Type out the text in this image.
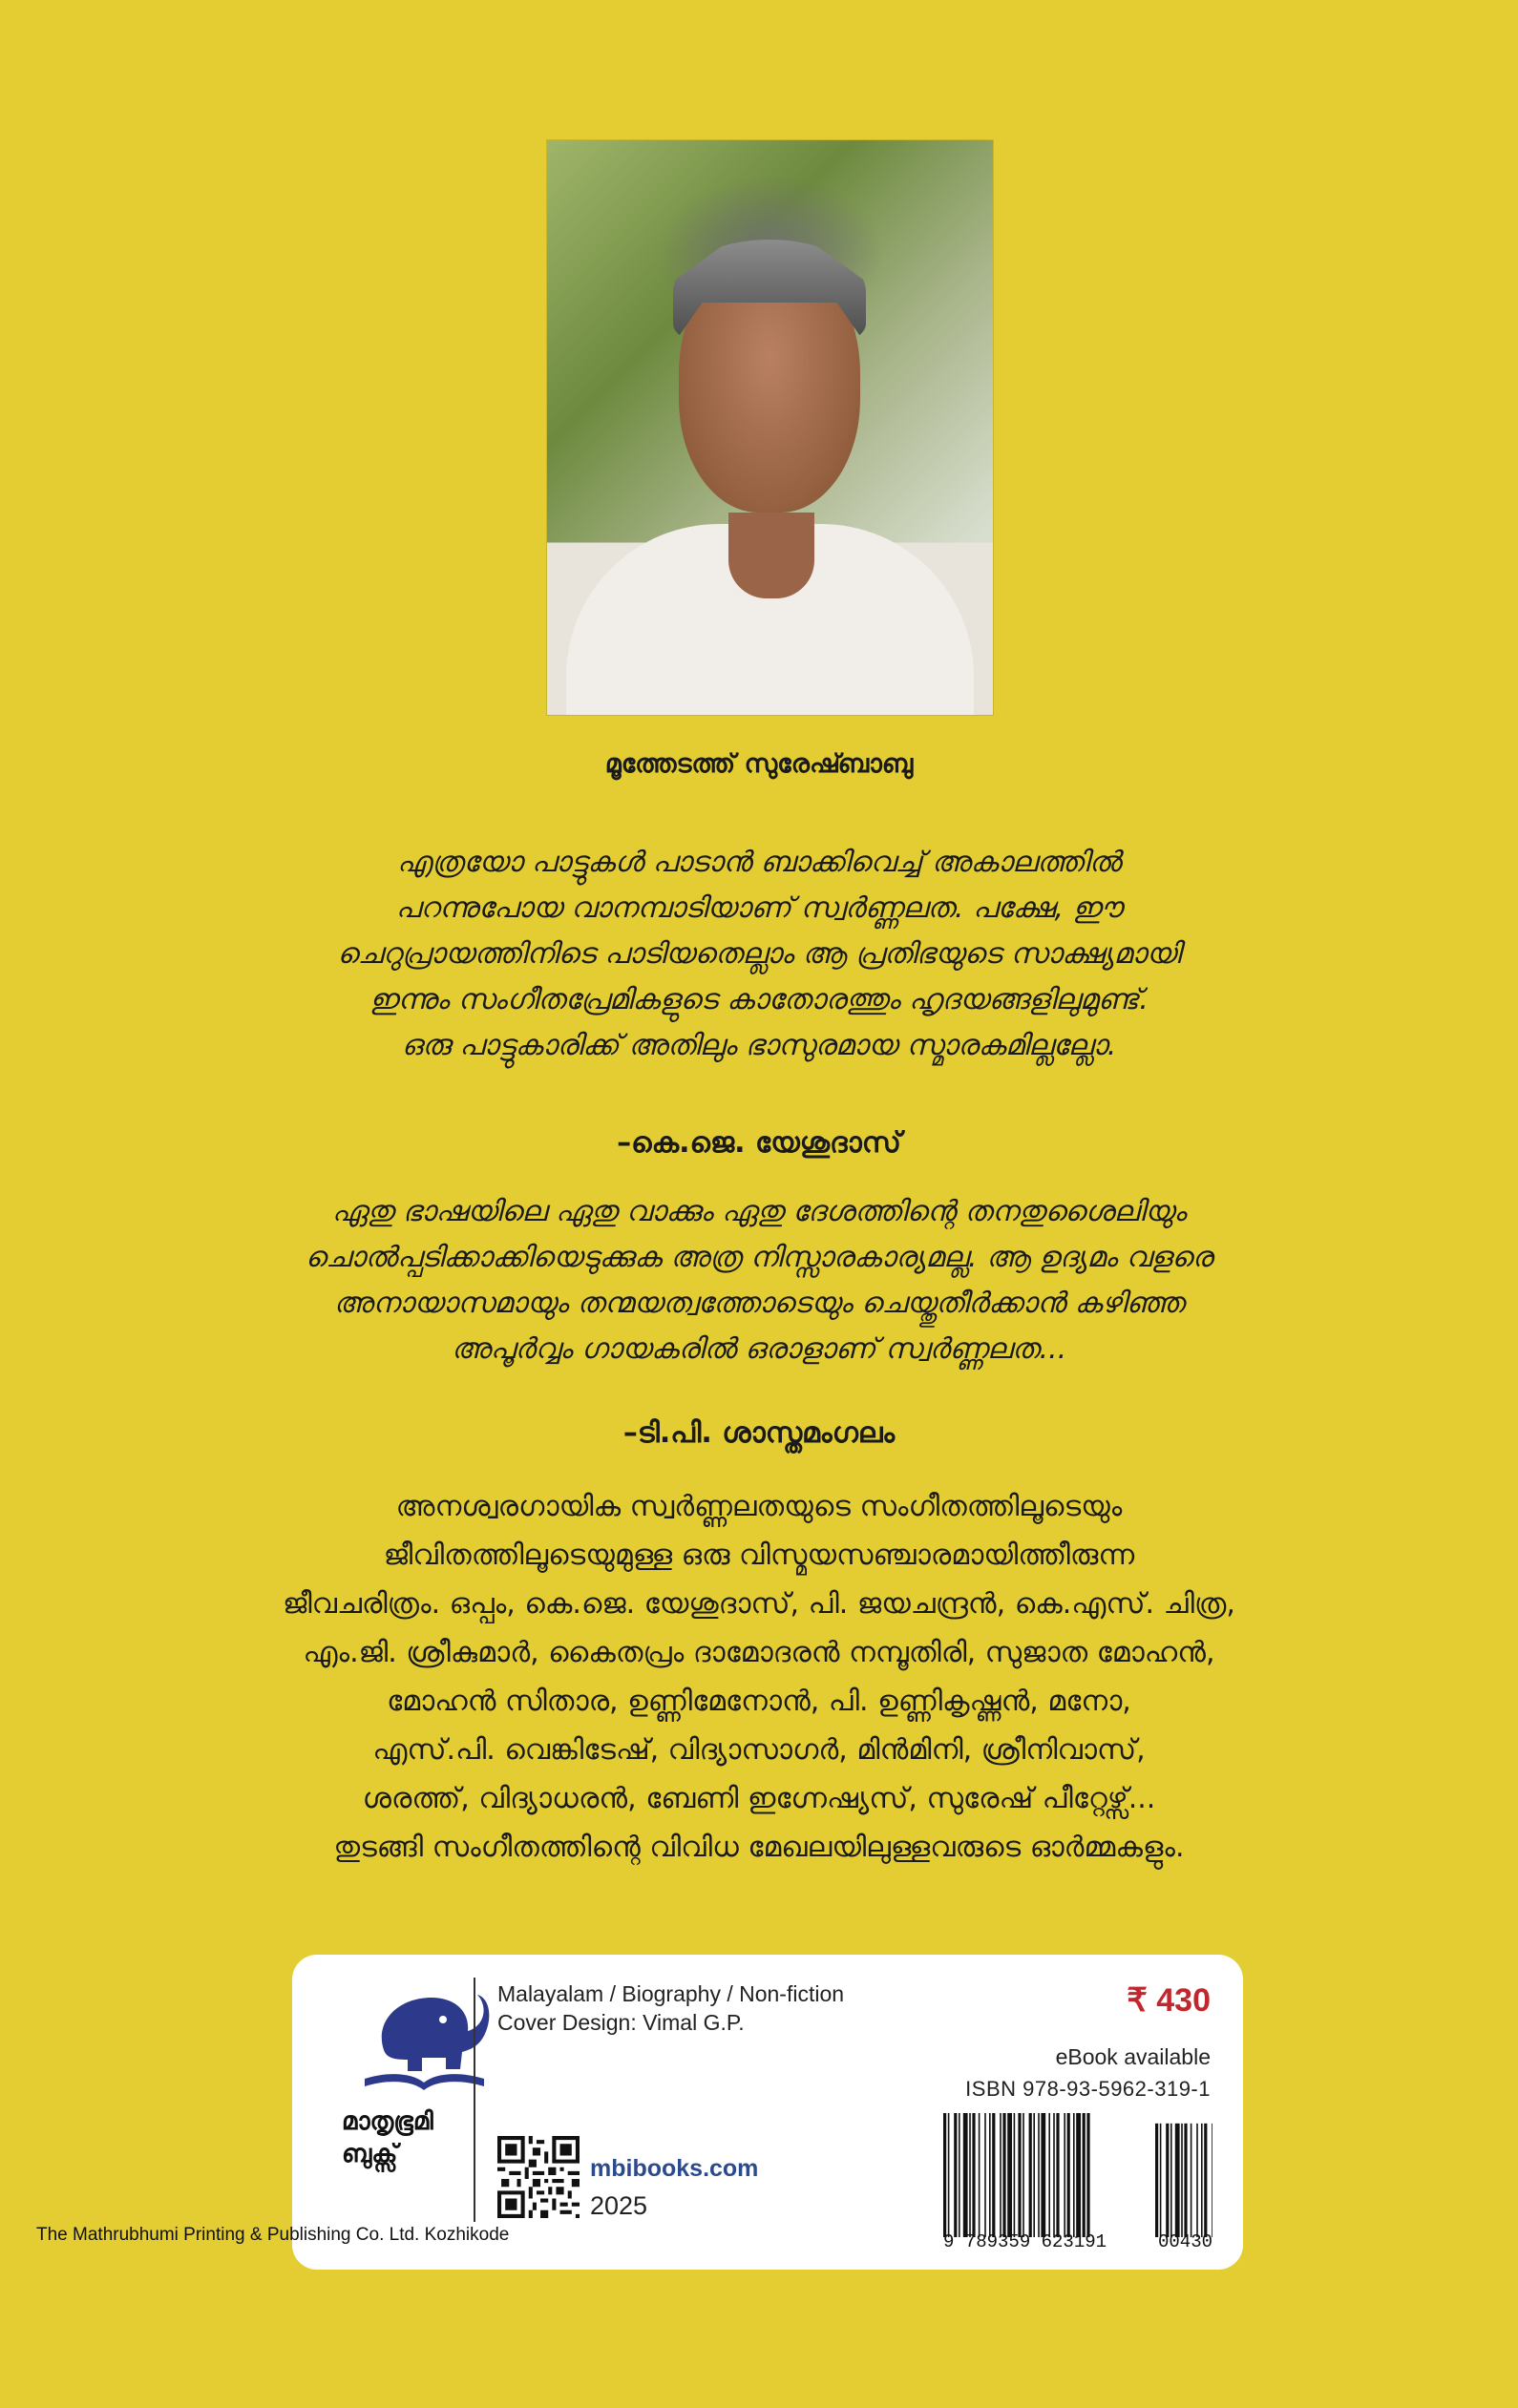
മൂത്തേടത്ത് സുരേഷ്ബാബു

എത്രയോ പാട്ടുകൾ പാടാൻ ബാക്കിവെച്ച് അകാലത്തിൽ

പറന്നുപോയ വാനമ്പാടിയാണ് സ്വർണ്ണലത. പക്ഷേ, ഈ

ചെറുപ്രായത്തിനിടെ പാടിയതെല്ലാം ആ പ്രതിഭയുടെ സാക്ഷ്യമായി

ഇന്നും സംഗീതപ്രേമികളുടെ കാതോരത്തും ഹൃദയങ്ങളിലുമുണ്ട്.

ഒരു പാട്ടുകാരിക്ക് അതിലും ഭാസുരമായ സ്മാരകമില്ലല്ലോ.

–കെ.ജെ. യേശുദാസ്

ഏതു ഭാഷയിലെ ഏതു വാക്കും ഏതു ദേശത്തിന്റെ തനതുശൈലിയും

ചൊൽപ്പടിക്കാക്കിയെടുക്കുക അത്ര നിസ്സാരകാര്യമല്ല. ആ ഉദ്യമം വളരെ

അനായാസമായും തന്മയത്വത്തോടെയും ചെയ്തുതീർക്കാൻ കഴിഞ്ഞ

അപൂർവ്വം ഗായകരിൽ ഒരാളാണ് സ്വർണ്ണലത...

–ടി.പി. ശാസ്തമംഗലം

അനശ്വരഗായിക സ്വർണ്ണലതയുടെ സംഗീതത്തിലൂടെയും

ജീവിതത്തിലൂടെയുമുള്ള ഒരു വിസ്മയസഞ്ചാരമായിത്തീരുന്ന

ജീവചരിത്രം. ഒപ്പം, കെ.ജെ. യേശുദാസ്, പി. ജയചന്ദ്രൻ, കെ.എസ്. ചിത്ര,

എം.ജി. ശ്രീകുമാർ, കൈതപ്രം ദാമോദരൻ നമ്പൂതിരി, സുജാത മോഹൻ,

മോഹൻ സിതാര, ഉണ്ണിമേനോൻ, പി. ഉണ്ണികൃഷ്ണൻ, മനോ,

എസ്.പി. വെങ്കിടേഷ്, വിദ്യാസാഗർ, മിൻമിനി, ശ്രീനിവാസ്,

ശരത്ത്, വിദ്യാധരൻ, ബേണി ഇഗ്നേഷ്യസ്, സുരേഷ് പീറ്റേഴ്സ്...

തുടങ്ങി സംഗീതത്തിന്റെ വിവിധ മേഖലയിലുള്ളവരുടെ ഓർമ്മകളും.

മാതൃഭൂമി
ബുക്സ്
Malayalam / Biography / Non-fiction
Cover Design: Vimal G.P.
mbibooks.com
2025
₹ 430
eBook available
ISBN 978-93-5962-319-1
9 789359 623191	00430
The Mathrubhumi Printing & Publishing Co. Ltd. Kozhikode
